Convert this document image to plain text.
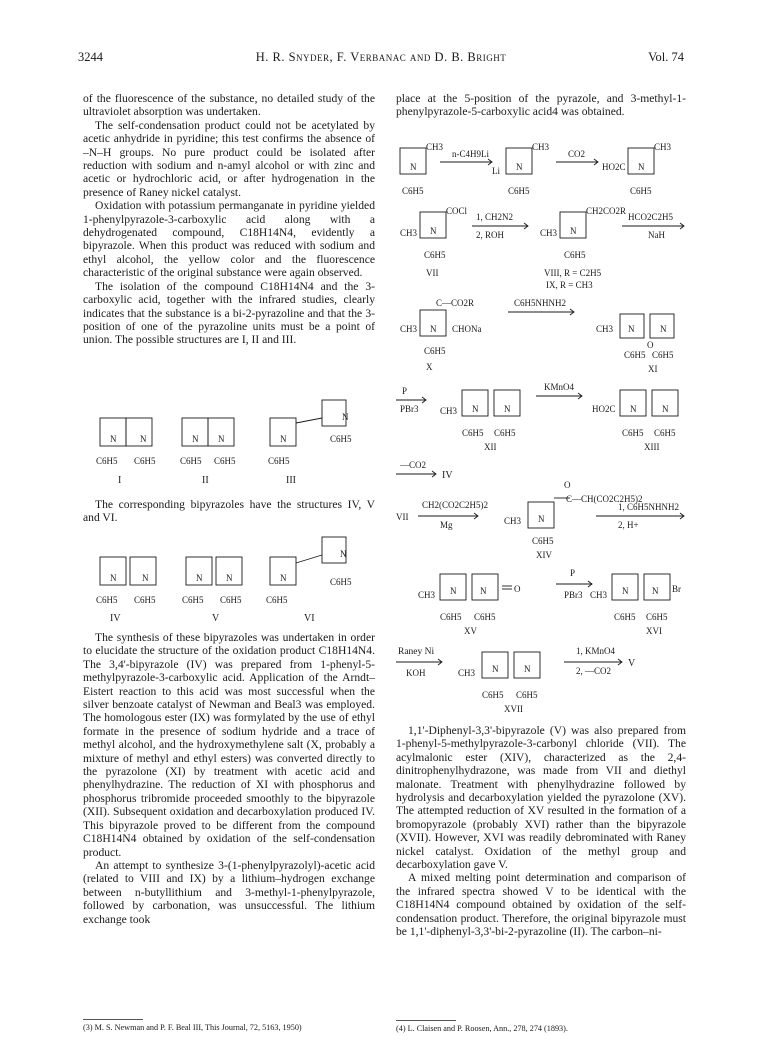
3244	H. R. Snyder, F. Verbanac and D. B. Bright	Vol. 74

of the fluorescence of the substance, no detailed study of the ultraviolet absorption was undertaken.

The self-condensation product could not be acetylated by acetic anhydride in pyridine; this test confirms the absence of –N–H groups. No pure product could be isolated after reduction with sodium and n-amyl alcohol or with zinc and acetic or hydrochloric acid, or after hydrogenation in the presence of Raney nickel catalyst.

Oxidation with potassium permanganate in pyridine yielded 1-phenylpyrazole-3-carboxylic acid along with a dehydrogenated compound, C18H14N4, evidently a bipyrazole. When this product was reduced with sodium and ethyl alcohol, the yellow color and the fluorescence characteristic of the original substance were again observed.

The isolation of the compound C18H14N4 and the 3-carboxylic acid, together with the infrared studies, clearly indicates that the substance is a bi-2-pyrazoline and that the 3-position of one of the pyrazoline units must be a point of union. The possible structures are I, II and III.

N	N	N N	N
N
C6H5 C6H5	C6H5 C6H5	C6H5
C6H5
I	II	III

The corresponding bipyrazoles have the structures IV, V and VI.

N	N	N	N	N
N
C6H5 C6H5	C6H5 C6H5	C6H5
C6H5
IV	V	VI

The synthesis of these bipyrazoles was undertaken in order to elucidate the structure of the oxidation product C18H14N4. The 3,4'-bipyrazole (IV) was prepared from 1-phenyl-5-methylpyrazole-3-carboxylic acid. Application of the Arndt–Eistert reaction to this acid was most successful when the silver benzoate catalyst of Newman and Beal3 was employed. The homologous ester (IX) was formylated by the use of ethyl formate in the presence of sodium hydride and a trace of methyl alcohol, and the hydroxymethylene salt (X, probably a mixture of methyl and ethyl esters) was converted directly to the pyrazolone (XI) by treatment with acetic acid and phenylhydrazine. The reduction of XI with phosphorus and phosphorus tribromide proceeded smoothly to the bipyrazole (XII). Subsequent oxidation and decarboxylation produced IV. This bipyrazole proved to be different from the compound C18H14N4 obtained by oxidation of the self-condensation product.

An attempt to synthesize 3-(1-phenylpyrazolyl)-acetic acid (related to VIII and IX) by a lithium–hydrogen exchange between n-butyllithium and 3-methyl-1-phenylpyrazole, followed by carbonation, was unsuccessful. The lithium exchange took

(3) M. S. Newman and P. F. Beal III, This Journal, 72, 5163, 1950)

place at the 5-position of the pyrazole, and 3-methyl-1-phenylpyrazole-5-carboxylic acid4 was obtained.

CH3
n-C4H9Li
N
C6H5
CH3
Li N
C6H5
CO2
CH3
HO2C N
C6H5
COCl
1, CH2N2
2, ROH
CH3 N
C6H5
VII
CH2CO2R
CH3 N
C6H5
VIII, R = C2H5
IX, R = CH3
HCO2C2H5
NaH
C—CO2R	C6H5NHNH2
CH3 N CHONa
C6H5
X
CH3 N	N
O
C6H5 C6H5
XI
P
PBr3 CH3 N	N
C6H5 C6H5
XII
KMnO4
HO2C N	N
C6H5 C6H5
XIII
—CO2
IV
VII
CH2(CO2C2H5)2
Mg
O
C—CH(CO2C2H5)2
CH3 N
C6H5
XIV
1, C6H5NHNH2
2, H+
CH3 N	N	O
C6H5 C6H5
XV
P
PBr3 CH3 N	N Br
C6H5 C6H5
XVI
Raney Ni
KOH	CH3 N	N
C6H5 C6H5
XVII
1, KMnO4
2, —CO2
V

1,1'-Diphenyl-3,3'-bipyrazole (V) was also prepared from 1-phenyl-5-methylpyrazole-3-carbonyl chloride (VII). The acylmalonic ester (XIV), characterized as the 2,4-dinitrophenylhydrazone, was made from VII and diethyl malonate. Treatment with phenylhydrazine followed by hydrolysis and decarboxylation yielded the pyrazolone (XV). The attempted reduction of XV resulted in the formation of a bromopyrazole (probably XVI) rather than the bipyrazole (XVII). However, XVI was readily debrominated with Raney nickel catalyst. Oxidation of the methyl group and decarboxylation gave V.

A mixed melting point determination and comparison of the infrared spectra showed V to be identical with the C18H14N4 compound obtained by oxidation of the self-condensation product. Therefore, the original bipyrazole must be 1,1'-diphenyl-3,3'-bi-2-pyrazoline (II). The carbon–ni-

(4) L. Claisen and P. Roosen, Ann., 278, 274 (1893).
